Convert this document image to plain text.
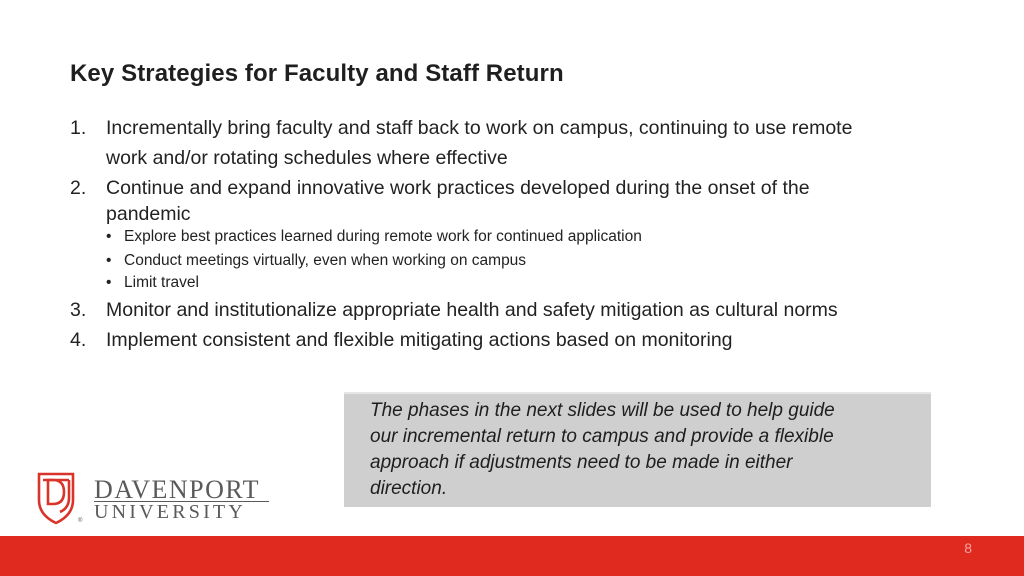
Key Strategies for Faculty and Staff Return
1. Incrementally bring faculty and staff back to work on campus, continuing to use remote
work and/or rotating schedules where effective
2. Continue and expand innovative work practices developed during the onset of the
pandemic
• Explore best practices learned during remote work for continued application
• Conduct meetings virtually, even when working on campus
• Limit travel
3. Monitor and institutionalize appropriate health and safety mitigation as cultural norms
4. Implement consistent and flexible mitigating actions based on monitoring
The phases in the next slides will be used to help guide
our incremental return to campus and provide a flexible
approach if adjustments need to be made in either
direction.
DAVENPORT
UNIVERSITY
®
8
